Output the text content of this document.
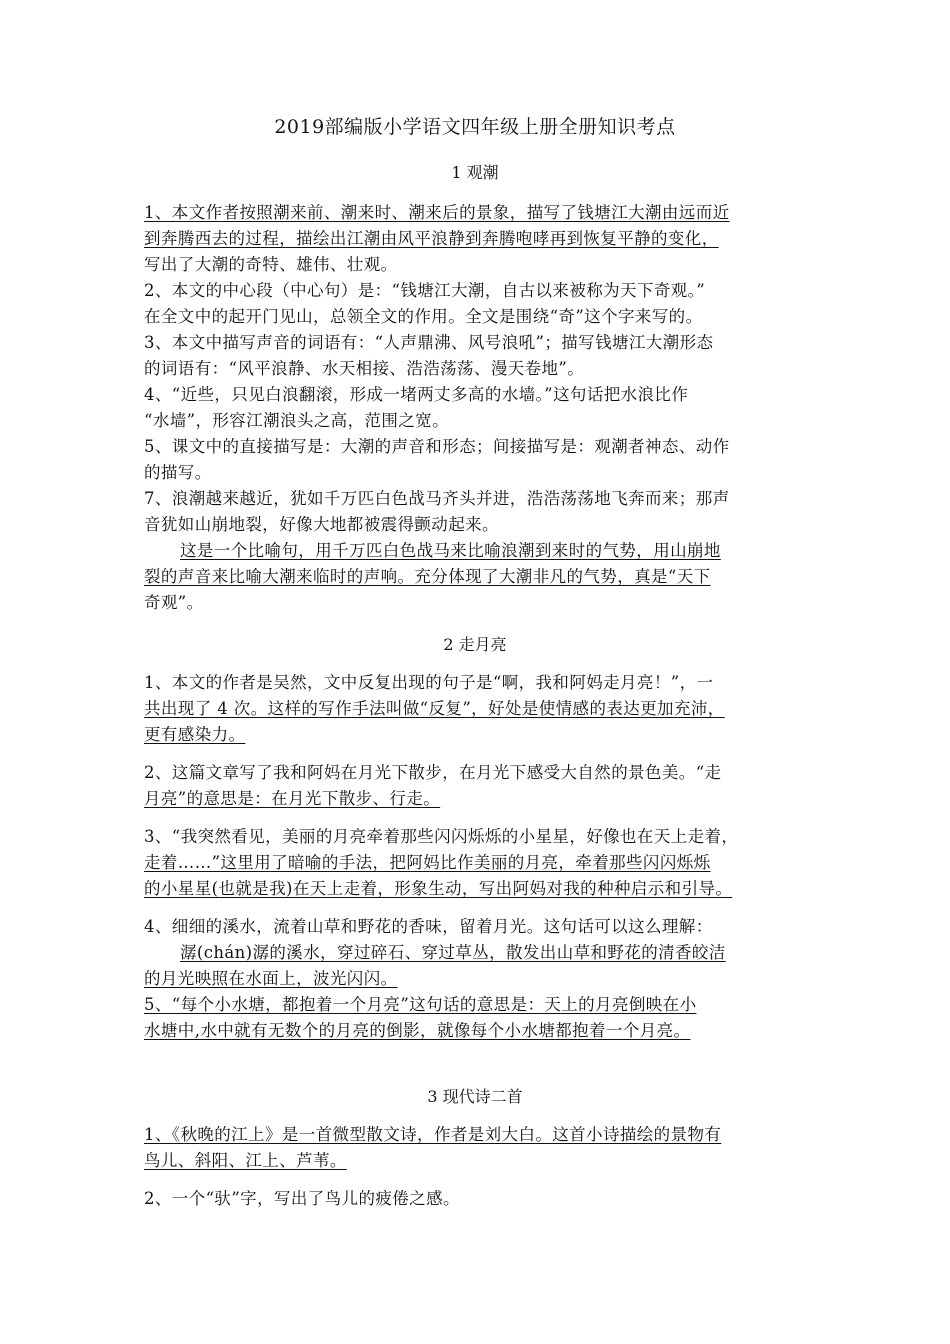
2019部编版小学语文四年级上册全册知识考点
1 观潮
1、本文作者按照潮来前、潮来时、潮来后的景象，描写了钱塘江大潮由远而近
到奔腾西去的过程，描绘出江潮由风平浪静到奔腾咆哮再到恢复平静的变化，
写出了大潮的奇特、雄伟、壮观。
2、本文的中心段（中心句）是：“钱塘江大潮，自古以来被称为天下奇观。”
在全文中的起开门见山，总领全文的作用。全文是围绕“奇”这个字来写的。
3、本文中描写声音的词语有：“人声鼎沸、风号浪吼”；描写钱塘江大潮形态
的词语有：“风平浪静、水天相接、浩浩荡荡、漫天卷地”。
4、“近些，只见白浪翻滚，形成一堵两丈多高的水墙。”这句话把水浪比作
“水墙”，形容江潮浪头之高，范围之宽。
5、课文中的直接描写是：大潮的声音和形态；间接描写是：观潮者神态、动作
的描写。
7、浪潮越来越近，犹如千万匹白色战马齐头并进，浩浩荡荡地飞奔而来；那声
音犹如山崩地裂，好像大地都被震得颤动起来。
这是一个比喻句，用千万匹白色战马来比喻浪潮到来时的气势，用山崩地
裂的声音来比喻大潮来临时的声响。充分体现了大潮非凡的气势，真是“天下
奇观”。
2 走月亮
1、本文的作者是吴然，文中反复出现的句子是“啊，我和阿妈走月亮！”，一
共出现了 4 次。这样的写作手法叫做“反复”，好处是使情感的表达更加充沛，
更有感染力。
2、这篇文章写了我和阿妈在月光下散步，在月光下感受大自然的景色美。“走
月亮”的意思是：在月光下散步、行走。
3、“我突然看见，美丽的月亮牵着那些闪闪烁烁的小星星，好像也在天上走着，
走着……”这里用了暗喻的手法，把阿妈比作美丽的月亮，牵着那些闪闪烁烁
的小星星(也就是我)在天上走着，形象生动，写出阿妈对我的种种启示和引导。
4、细细的溪水，流着山草和野花的香味，留着月光。这句话可以这么理解：
潺(chán)潺的溪水，穿过碎石、穿过草丛，散发出山草和野花的清香皎洁
的月光映照在水面上，波光闪闪。
5、“每个小水塘，都抱着一个月亮”这句话的意思是：天上的月亮倒映在小
水塘中,水中就有无数个的月亮的倒影，就像每个小水塘都抱着一个月亮。
3 现代诗二首
1、《秋晚的江上》是一首微型散文诗，作者是刘大白。这首小诗描绘的景物有
鸟儿、斜阳、江上、芦苇。
2、一个“驮”字，写出了鸟儿的疲倦之感。
